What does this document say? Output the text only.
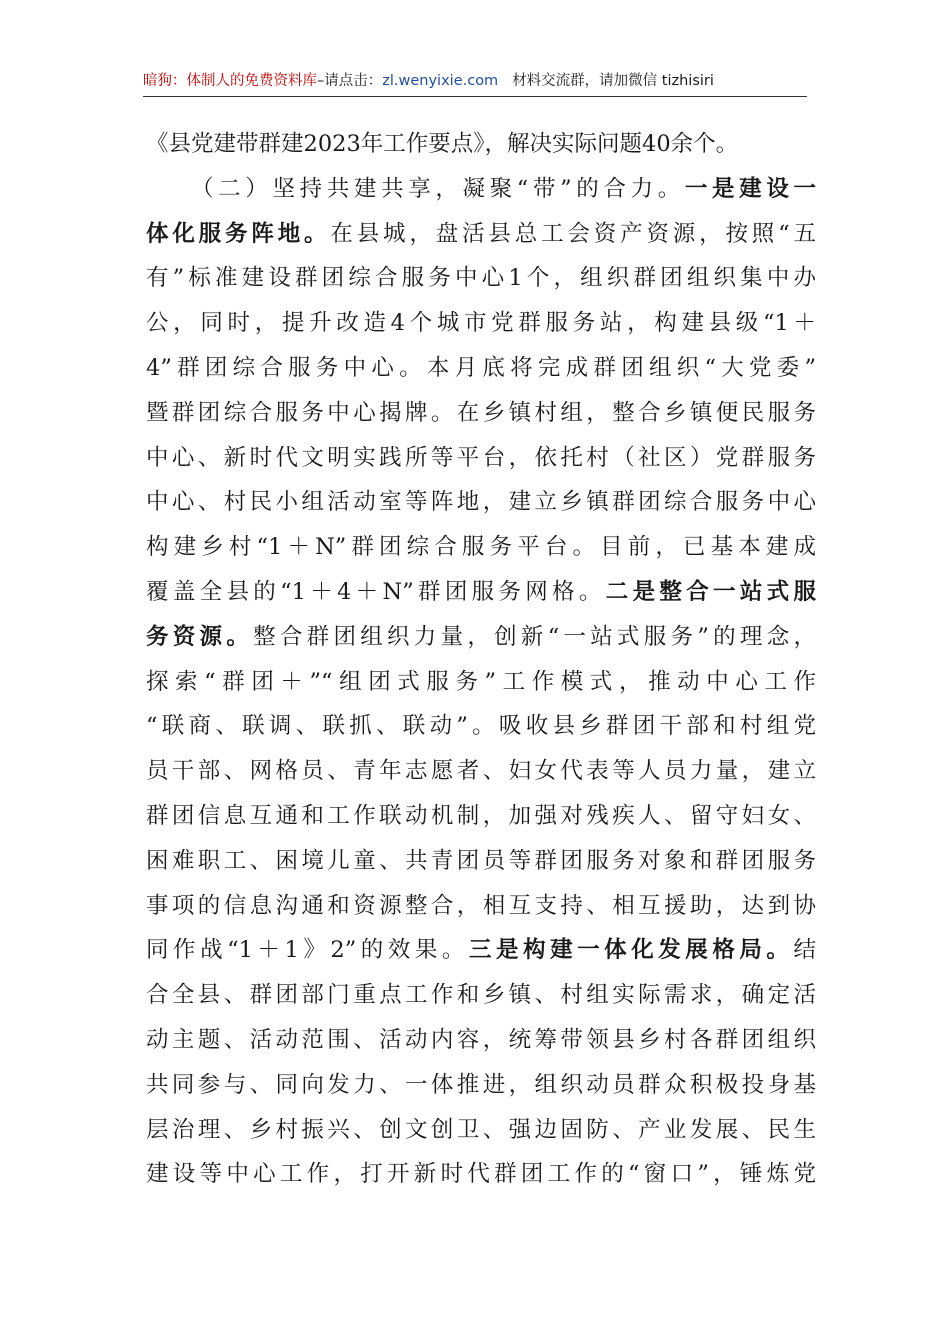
暗狗：体制人的免费资料库–请点击：zl.wenyixie.com 材料交流群，请加微信 tizhisiri
《县党建带群建2023年工作要点》，解决实际问题40余个。
（二）坚持共建共享，凝聚“带”的合力。一是建设一
体化服务阵地。在县城，盘活县总工会资产资源，按照“五
有”标准建设群团综合服务中心1个，组织群团组织集中办
公，同时，提升改造4个城市党群服务站，构建县级“1＋
4”群团综合服务中心。本月底将完成群团组织“大党委”
暨群团综合服务中心揭牌。在乡镇村组，整合乡镇便民服务
中心、新时代文明实践所等平台，依托村（社区）党群服务
中心、村民小组活动室等阵地，建立乡镇群团综合服务中心
构建乡村“1＋N”群团综合服务平台。目前，已基本建成
覆盖全县的“1＋4＋N”群团服务网格。二是整合一站式服
务资源。整合群团组织力量，创新“一站式服务”的理念，
探索“群团＋”“组团式服务”工作模式，推动中心工作
“联商、联调、联抓、联动”。吸收县乡群团干部和村组党
员干部、网格员、青年志愿者、妇女代表等人员力量，建立
群团信息互通和工作联动机制，加强对残疾人、留守妇女、
困难职工、困境儿童、共青团员等群团服务对象和群团服务
事项的信息沟通和资源整合，相互支持、相互援助，达到协
同作战“1＋1》2”的效果。三是构建一体化发展格局。结
合全县、群团部门重点工作和乡镇、村组实际需求，确定活
动主题、活动范围、活动内容，统筹带领县乡村各群团组织
共同参与、同向发力、一体推进，组织动员群众积极投身基
层治理、乡村振兴、创文创卫、强边固防、产业发展、民生
建设等中心工作，打开新时代群团工作的“窗口”，锤炼党
